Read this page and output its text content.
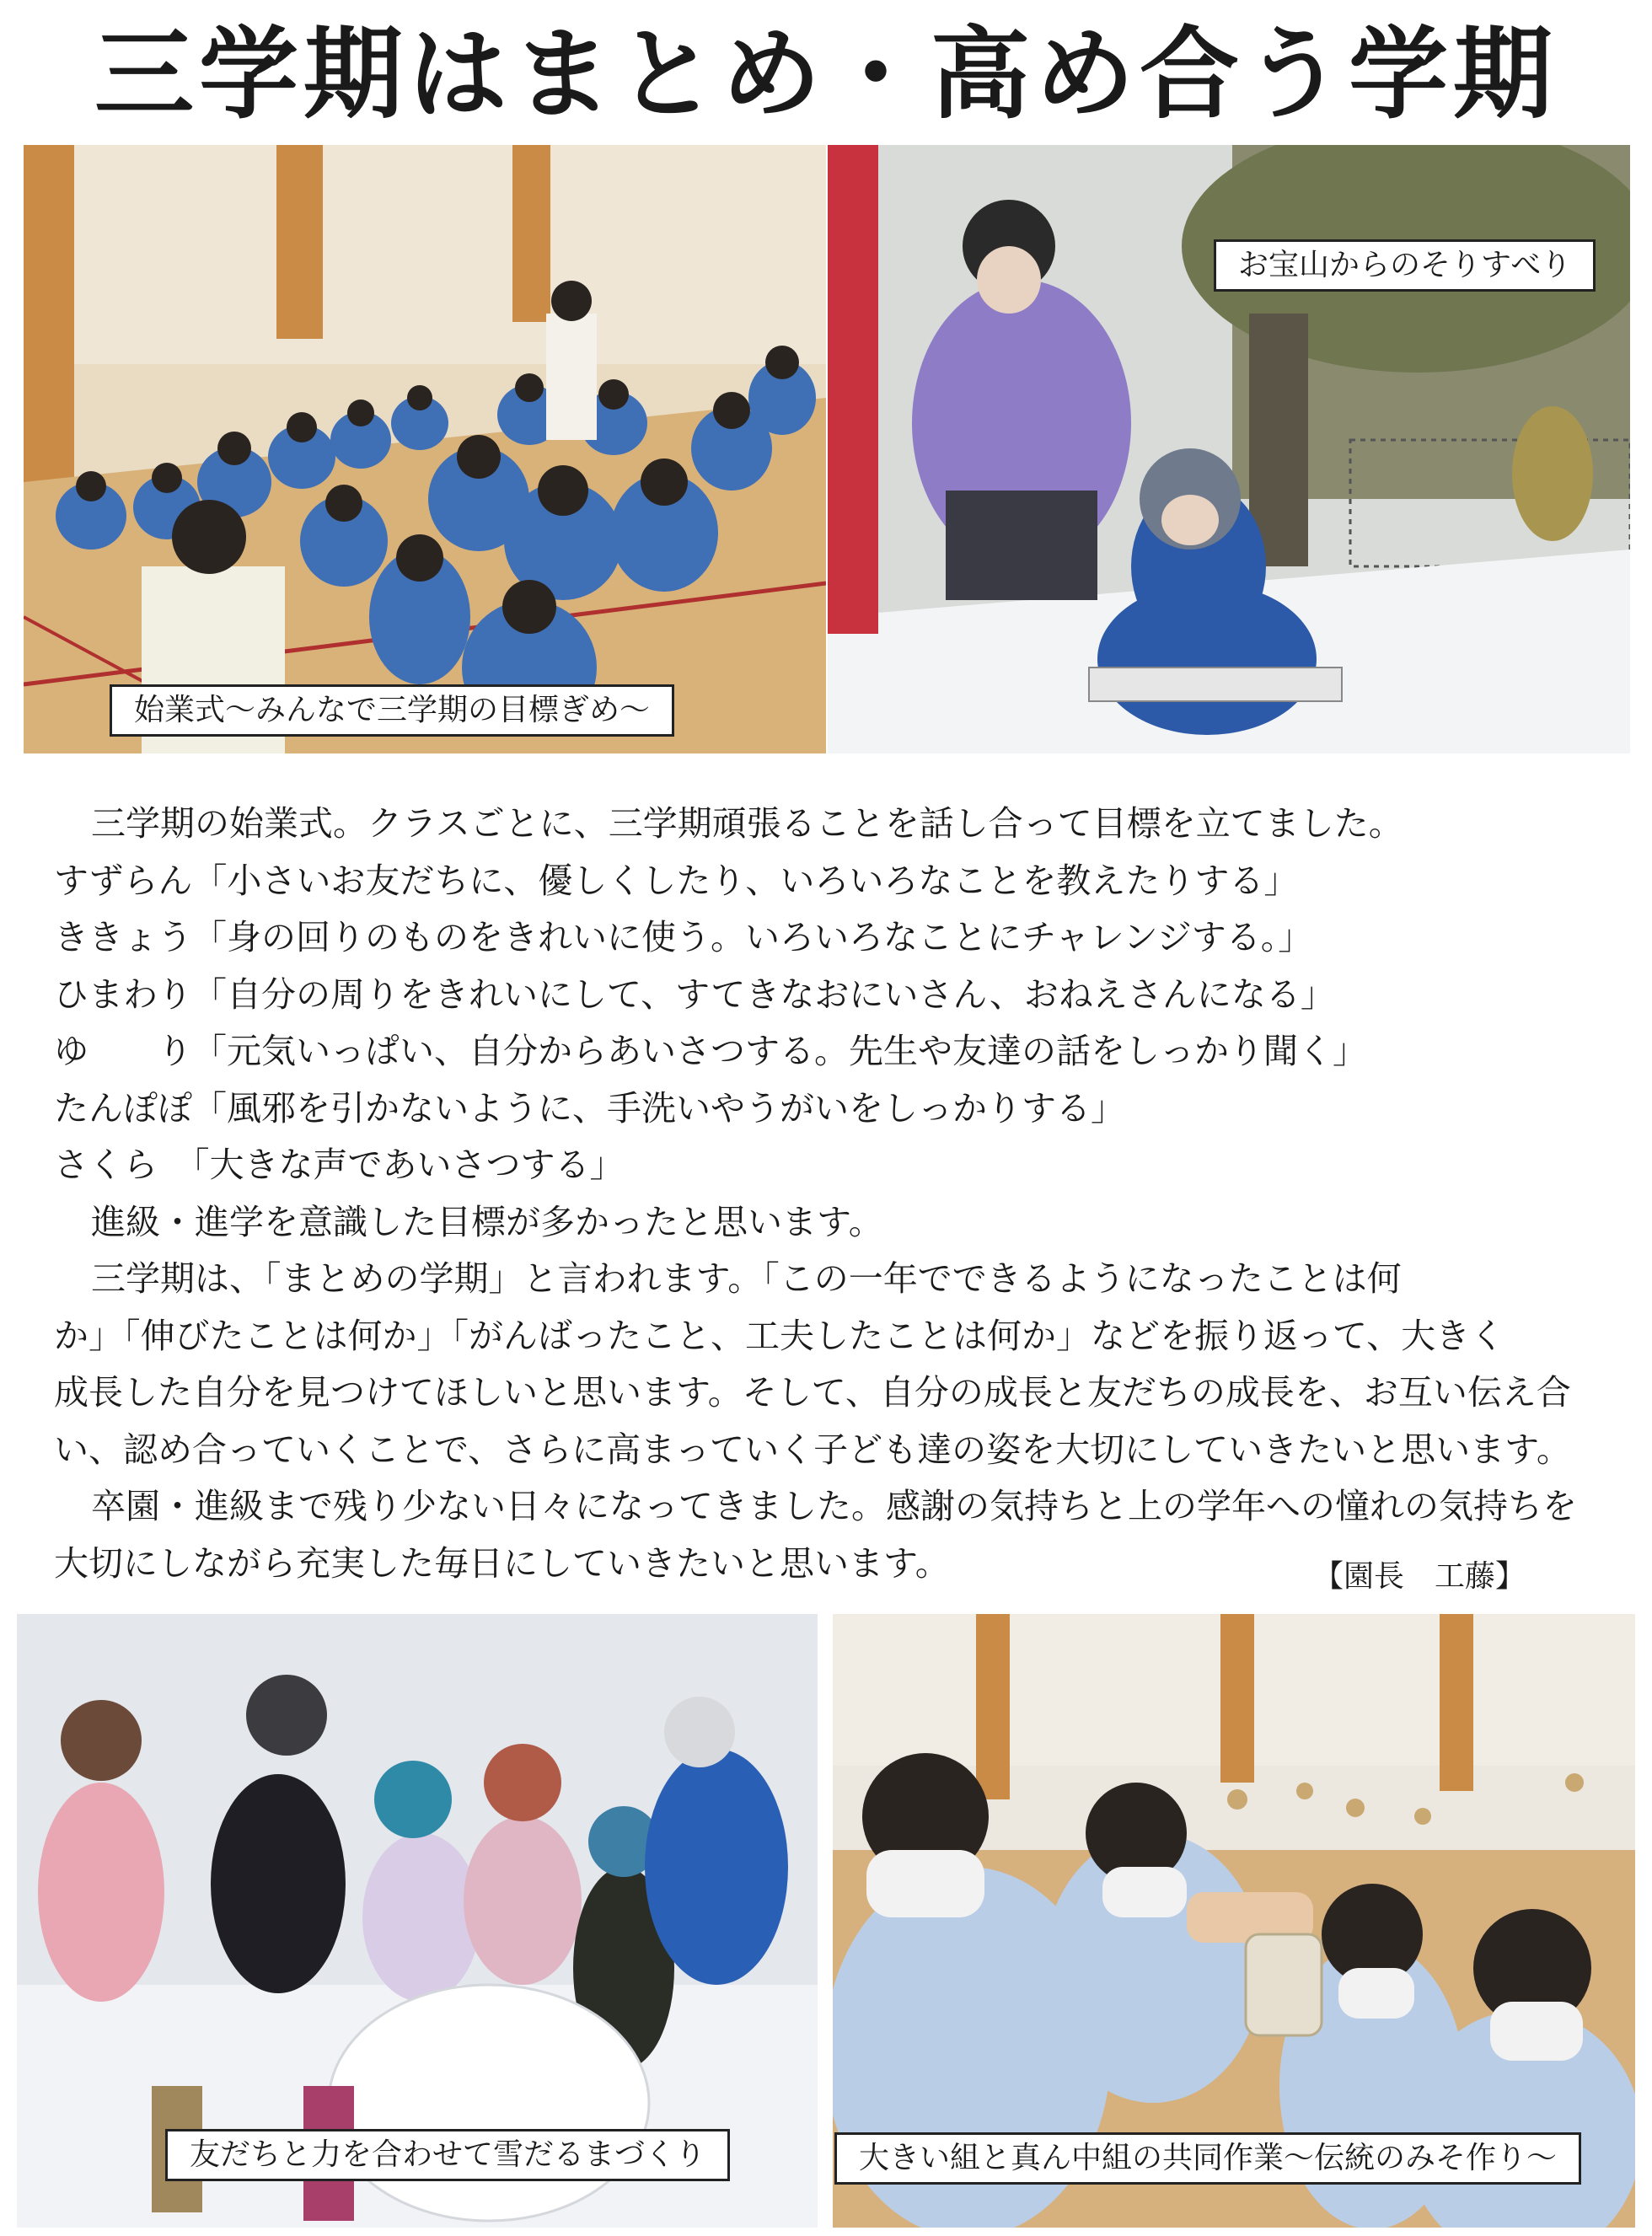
三学期はまとめ・高め合う学期
始業式～みんなで三学期の目標ぎめ～
お宝山からのそりすべり

三学期の始業式。クラスごとに、三学期頑張ることを話し合って目標を立てました。

すずらん「小さいお友だちに、優しくしたり、いろいろなことを教えたりする」

ききょう「身の回りのものをきれいに使う。いろいろなことにチャレンジする。」

ひまわり「自分の周りをきれいにして、すてきなおにいさん、おねえさんになる」

ゆ　　り「元気いっぱい、自分からあいさつする。先生や友達の話をしっかり聞く」

たんぽぽ「風邪を引かないように、手洗いやうがいをしっかりする」

さくら　「大きな声であいさつする」

進級・進学を意識した目標が多かったと思います。

三学期は、「まとめの学期」と言われます。「この一年でできるようになったことは何

か」「伸びたことは何か」「がんばったこと、工夫したことは何か」などを振り返って、大きく

成長した自分を見つけてほしいと思います。そして、自分の成長と友だちの成長を、お互い伝え合

い、認め合っていくことで、さらに高まっていく子ども達の姿を大切にしていきたいと思います。

卒園・進級まで残り少ない日々になってきました。感謝の気持ちと上の学年への憧れの気持ちを

大切にしながら充実した毎日にしていきたいと思います。	【園長　工藤】
友だちと力を合わせて雪だるまづくり	大きい組と真ん中組の共同作業～伝統のみそ作り～
